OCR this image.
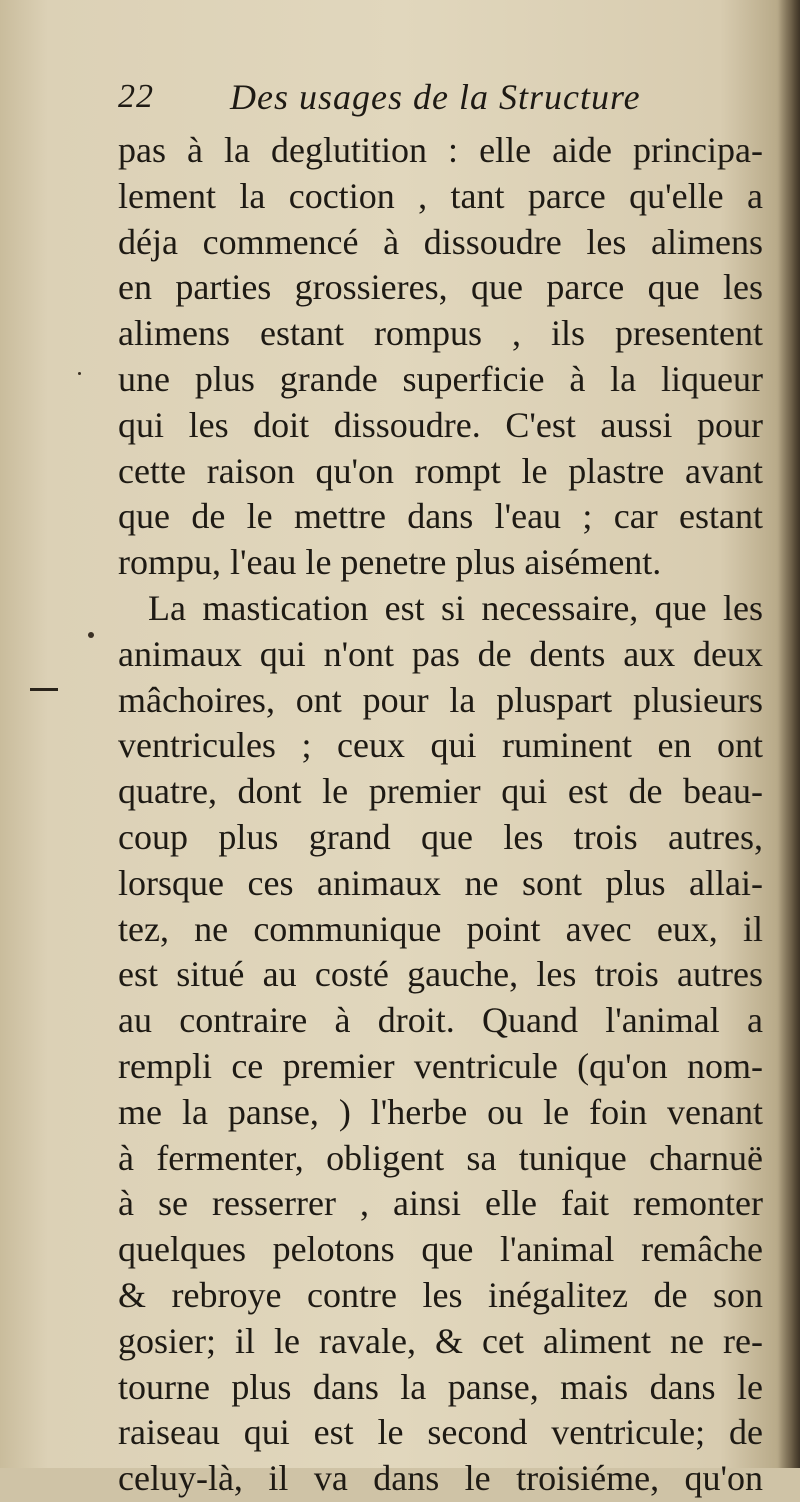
22 Des usages de la Structure
pas à la deglutition : elle aide principa-
lement la coction , tant parce qu'elle a
déja commencé à dissoudre les alimens
en parties grossieres, que parce que les
alimens estant rompus , ils presentent
une plus grande superficie à la liqueur
qui les doit dissoudre. C'est aussi pour
cette raison qu'on rompt le plastre avant
que de le mettre dans l'eau ; car estant
rompu, l'eau le penetre plus aisément.
La mastication est si necessaire, que les
animaux qui n'ont pas de dents aux deux
mâchoires, ont pour la pluspart plusieurs
ventricules ; ceux qui ruminent en ont
quatre, dont le premier qui est de beau-
coup plus grand que les trois autres,
lorsque ces animaux ne sont plus allai-
tez, ne communique point avec eux, il
est situé au costé gauche, les trois autres
au contraire à droit. Quand l'animal a
rempli ce premier ventricule (qu'on nom-
me la panse, ) l'herbe ou le foin venant
à fermenter, obligent sa tunique charnuë
à se resserrer , ainsi elle fait remonter
quelques pelotons que l'animal remâche
& rebroye contre les inégalitez de son
gosier; il le ravale, & cet aliment ne re-
tourne plus dans la panse, mais dans le
raiseau qui est le second ventricule; de
celuy-là, il va dans le troisiéme, qu'on
